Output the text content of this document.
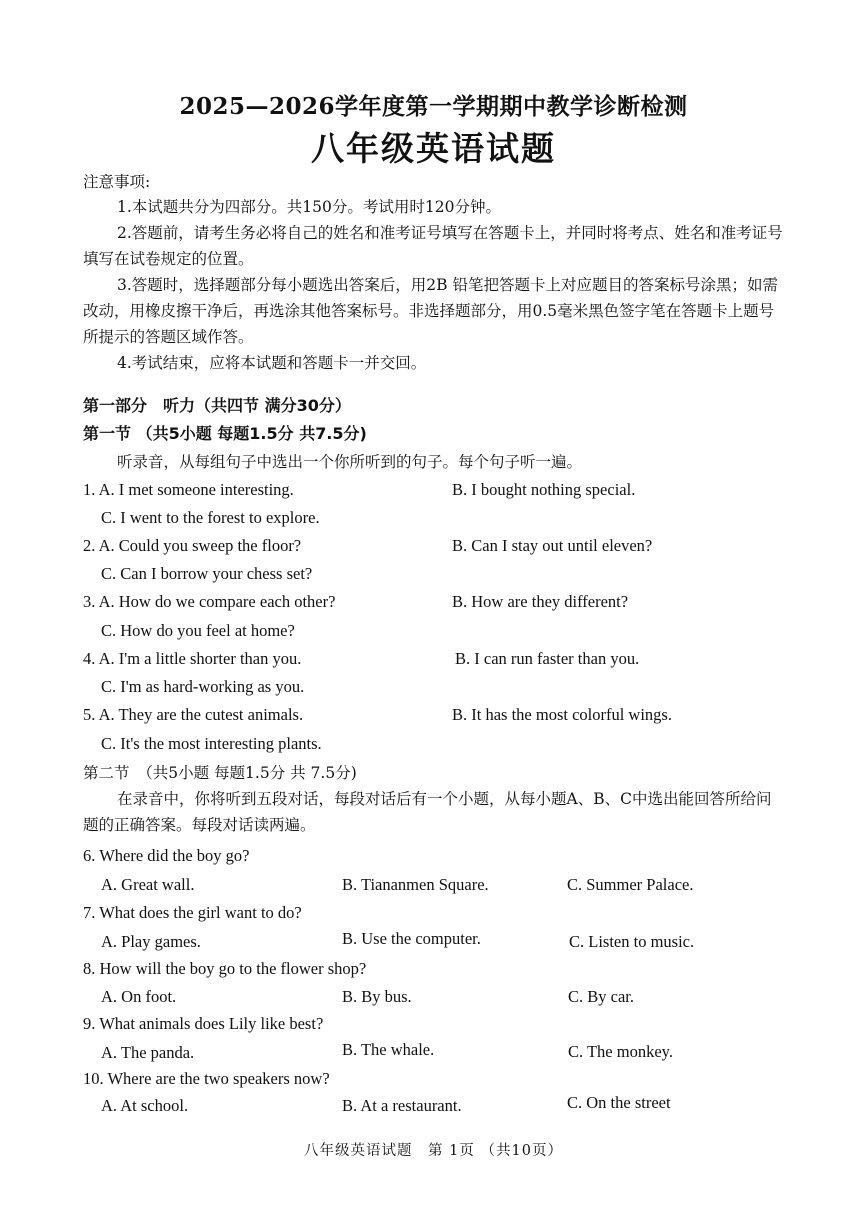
2025—2026学年度第一学期期中教学诊断检测
八年级英语试题
注意事项:
1.本试题共分为四部分。共150分。考试用时120分钟。
2.答题前，请考生务必将自己的姓名和准考证号填写在答题卡上，并同时将考点、姓名和准考证号填写在试卷规定的位置。
3.答题时，选择题部分每小题选出答案后，用2B 铅笔把答题卡上对应题目的答案标号涂黑；如需改动，用橡皮擦干净后，再选涂其他答案标号。非选择题部分，用0.5毫米黑色签字笔在答题卡上题号所提示的答题区域作答。
4.考试结束，应将本试题和答题卡一并交回。
第一部分　听力（共四节 满分30分）
第一节 （共5小题 每题1.5分 共7.5分)
听录音，从每组句子中选出一个你所听到的句子。每个句子听一遍。
1. A. I met someone interesting.	B. I bought nothing special.
C. I went to the forest to explore.
2. A. Could you sweep the floor?	B. Can I stay out until eleven?
C. Can I borrow your chess set?
3. A. How do we compare each other?	B. How are they different?
C. How do you feel at home?
4. A. I'm a little shorter than you.	B. I can run faster than you.
C. I'm as hard-working as you.
5. A. They are the cutest animals.	B. It has the most colorful wings.
C. It's the most interesting plants.
第二节　（共5小题 每题1.5分 共 7.5分)
在录音中，你将听到五段对话，每段对话后有一个小题，从每小题A、B、C中选出能回答所给问题的正确答案。每段对话读两遍。
6. Where did the boy go?
A. Great wall.	B. Tiananmen Square.	C. Summer Palace.
7. What does the girl want to do?
A. Play games.	B. Use the computer.	C. Listen to music.
8. How will the boy go to the flower shop?
A. On foot.	B. By bus.	C. By car.
9. What animals does Lily like best?
A. The panda.	B. The whale.	C. The monkey.
10. Where are the two speakers now?
A. At school.	B. At a restaurant.	C. On the street
八年级英语试题　第 1页 （共10页）
